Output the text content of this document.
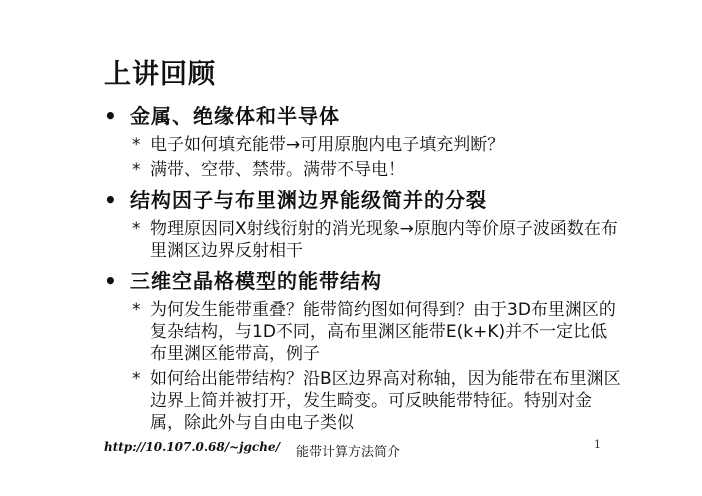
上讲回顾
• 金属、绝缘体和半导体
* 电子如何填充能带→可用原胞内电子填充判断？
* 满带、空带、禁带。满带不导电！
• 结构因子与布里渊边界能级简并的分裂
* 物理原因同X射线衍射的消光现象→原胞内等价原子波函数在布里渊区边界反射相干
• 三维空晶格模型的能带结构
* 为何发生能带重叠？能带简约图如何得到？由于3D布里渊区的复杂结构，与1D不同，高布里渊区能带E(k+K)并不一定比低布里渊区能带高，例子
* 如何给出能带结构？沿B区边界高对称轴，因为能带在布里渊区边界上简并被打开，发生畸变。可反映能带特征。特别对金属，除此外与自由电子类似
http://10.107.0.68/~jgche/ 能带计算方法简介
1
